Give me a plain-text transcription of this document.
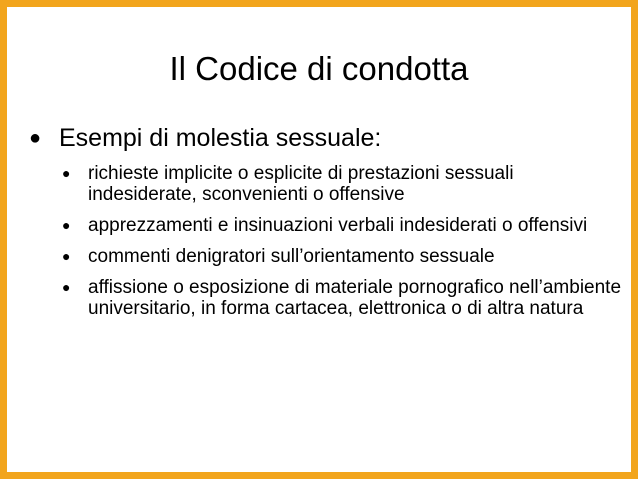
Il Codice di condotta
● Esempi di molestia sessuale:
● richieste implicite o esplicite di prestazioni sessuali indesiderate, sconvenienti o offensive
● apprezzamenti e insinuazioni verbali indesiderati o offensivi
● commenti denigratori sull’orientamento sessuale
● affissione o esposizione di materiale pornografico nell’ambiente universitario, in forma cartacea, elettronica o di altra natura
